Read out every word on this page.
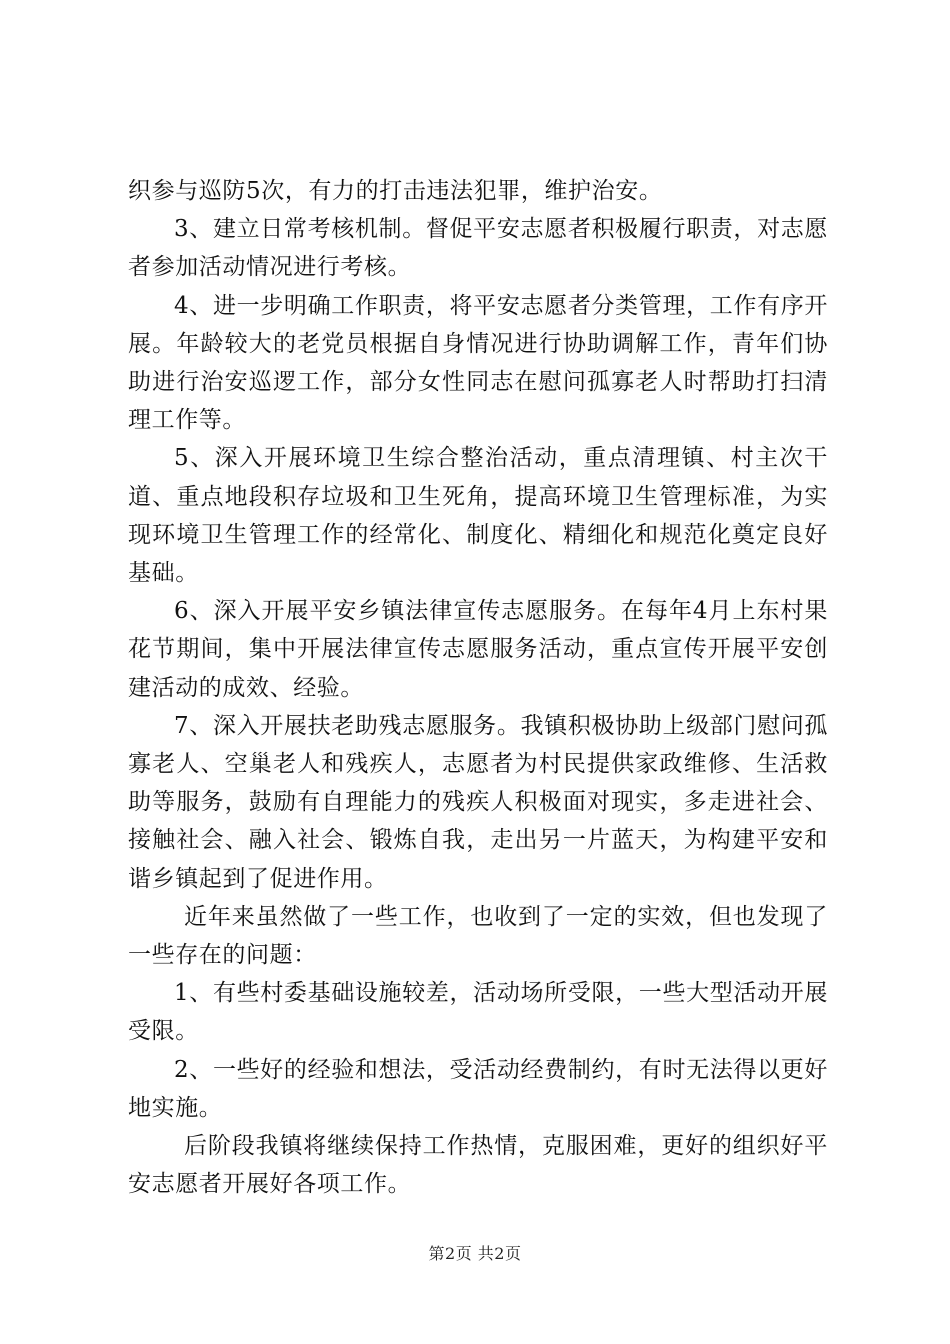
织参与巡防5次，有力的打击违法犯罪，维护治安。

3、建立日常考核机制。督促平安志愿者积极履行职责，对志愿者参加活动情况进行考核。

4、进一步明确工作职责，将平安志愿者分类管理，工作有序开展。年龄较大的老党员根据自身情况进行协助调解工作，青年们协助进行治安巡逻工作，部分女性同志在慰问孤寡老人时帮助打扫清理工作等。

5、深入开展环境卫生综合整治活动，重点清理镇、村主次干道、重点地段积存垃圾和卫生死角，提高环境卫生管理标准，为实现环境卫生管理工作的经常化、制度化、精细化和规范化奠定良好基础。

6、深入开展平安乡镇法律宣传志愿服务。在每年4月上东村果花节期间，集中开展法律宣传志愿服务活动，重点宣传开展平安创建活动的成效、经验。

7、深入开展扶老助残志愿服务。我镇积极协助上级部门慰问孤寡老人、空巢老人和残疾人，志愿者为村民提供家政维修、生活救助等服务，鼓励有自理能力的残疾人积极面对现实，多走进社会、接触社会、融入社会、锻炼自我，走出另一片蓝天，为构建平安和谐乡镇起到了促进作用。

近年来虽然做了一些工作，也收到了一定的实效，但也发现了一些存在的问题：

1、有些村委基础设施较差，活动场所受限，一些大型活动开展受限。

2、一些好的经验和想法，受活动经费制约，有时无法得以更好地实施。

后阶段我镇将继续保持工作热情，克服困难，更好的组织好平安志愿者开展好各项工作。

第2页 共2页
